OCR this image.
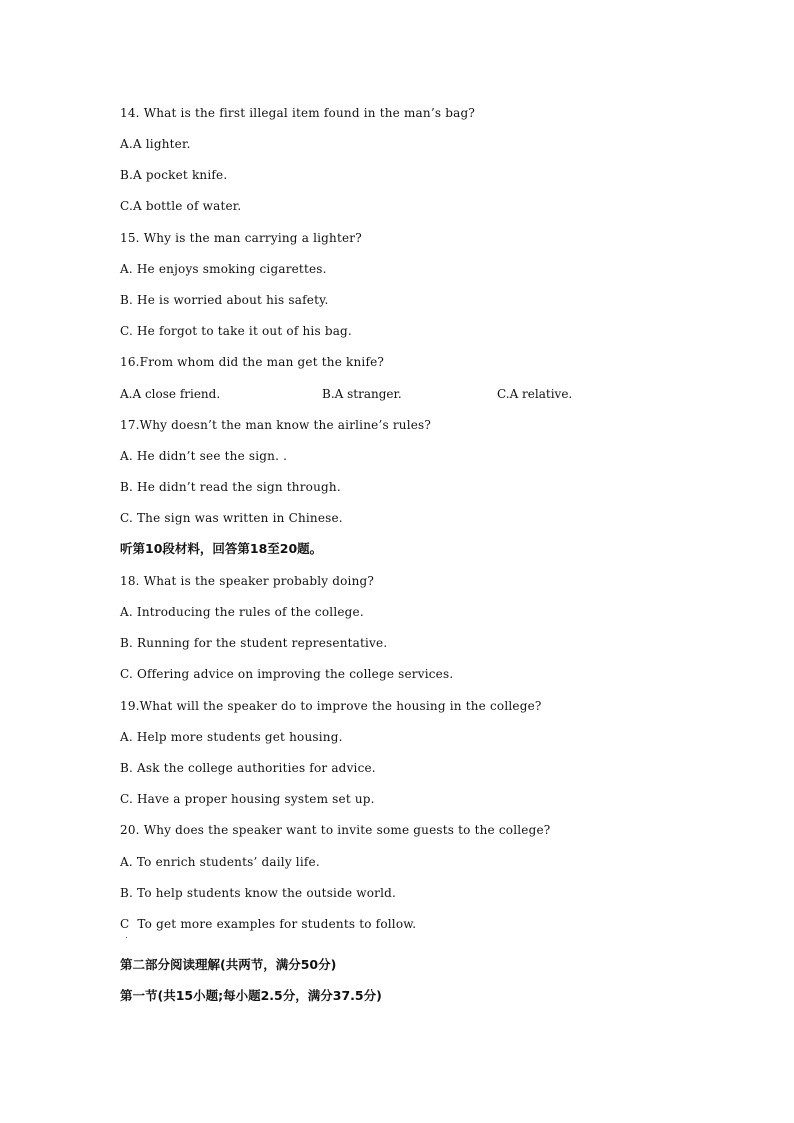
14. What is the first illegal item found in the man’s bag?
A.A lighter.
B.A pocket knife.
C.A bottle of water.
15. Why is the man carrying a lighter?
A. He enjoys smoking cigarettes.
B. He is worried about his safety.
C. He forgot to take it out of his bag.
16.From whom did the man get the knife?

A.A close friend.

	B.A stranger.

	C.A relative.

17.Why doesn’t the man know the airline’s rules?
A. He didn’t see the sign. .
B. He didn’t read the sign through.
C. The sign was written in Chinese.
听第10段材料，回答第18至20题。
18. What is the speaker probably doing?
A. Introducing the rules of the college.
B. Running for the student representative.
C. Offering advice on improving the college services.
19.What will the speaker do to improve the housing in the college?
A. Help more students get housing.
B. Ask the college authorities for advice.
C. Have a proper housing system set up.
20. Why does the speaker want to invite some guests to the college?
A. To enrich students’ daily life.
B. To help students know the outside world.
C  To get more examples for students to follow.
第二部分阅读理解(共两节，满分50分)
第一节(共15小题;每小题2.5分，满分37.5分)
